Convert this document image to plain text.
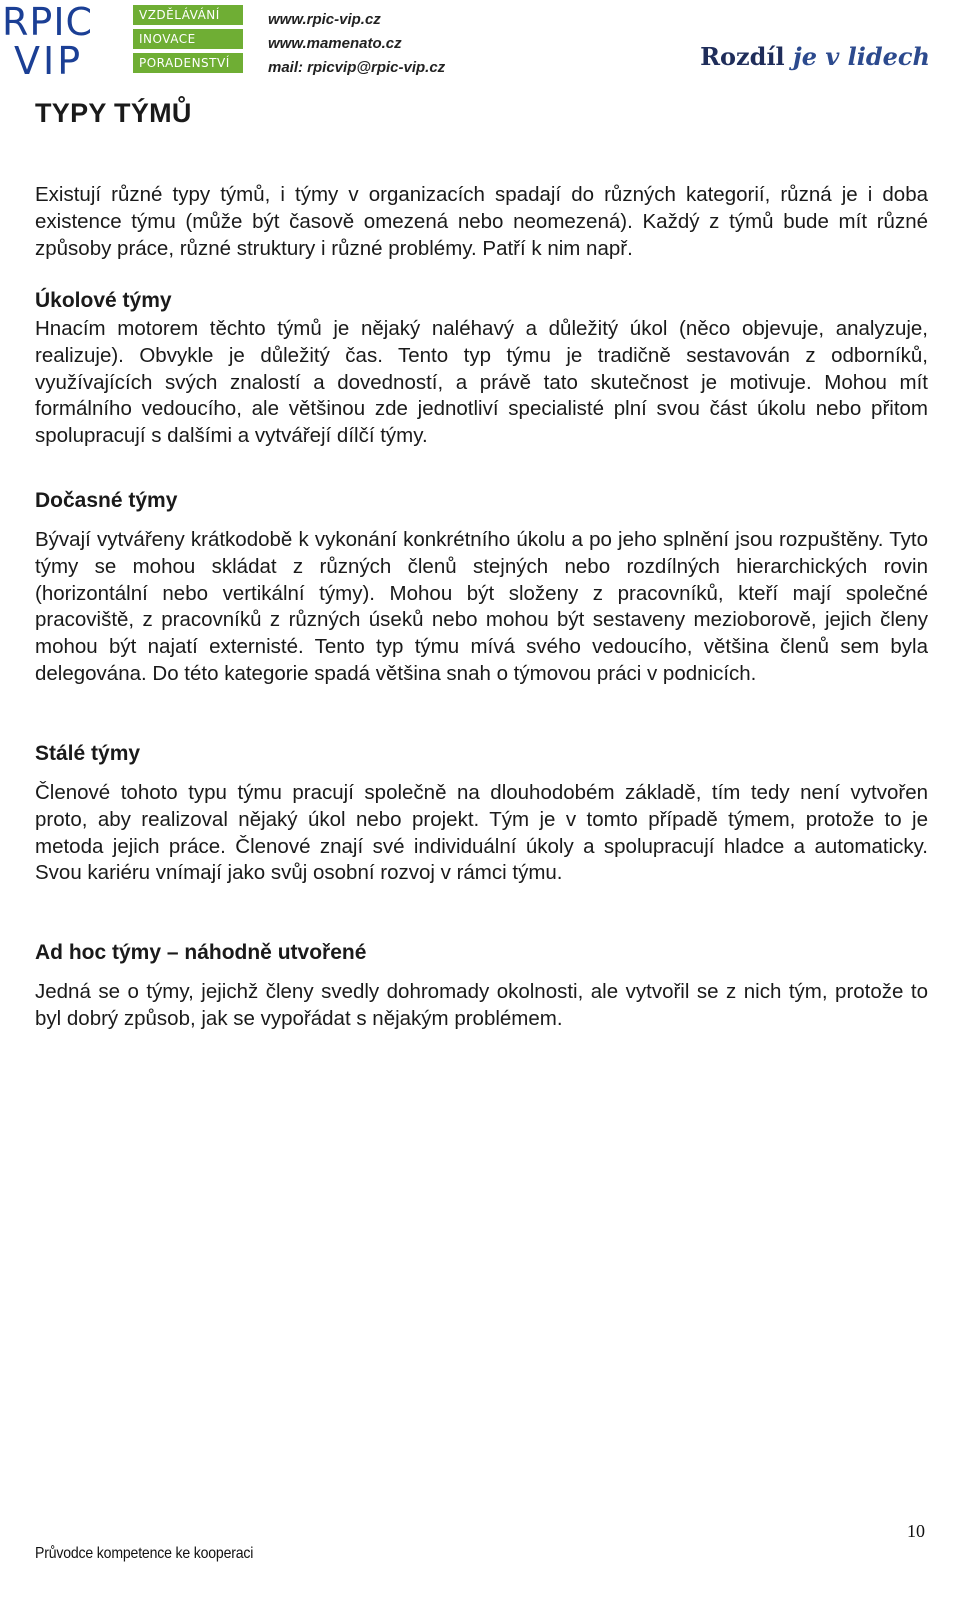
RPIC
VIP
VZDĚLÁVÁNÍ
INOVACE
PORADENSTVÍ
www.rpic-vip.cz
www.mamenato.cz
mail: rpicvip@rpic-vip.cz	Rozdíl je v lidech
TYPY TÝMŮ

Existují různé typy týmů, i týmy v organizacích spadají do různých kategorií, různá je i doba existence týmu (může být časově omezená nebo neomezená). Každý z týmů bude mít různé způsoby práce, různé struktury i různé problémy. Patří k nim např.

Úkolové týmy

Hnacím motorem těchto týmů je nějaký naléhavý a důležitý úkol (něco objevuje, analyzuje, realizuje). Obvykle je důležitý čas. Tento typ týmu je tradičně sestavován z odborníků, využívajících svých znalostí a dovedností, a právě tato skutečnost je motivuje. Mohou mít formálního vedoucího, ale většinou zde jednotliví specialisté plní svou část úkolu nebo přitom spolupracují s dalšími a vytvářejí dílčí týmy.

Dočasné týmy

Bývají vytvářeny krátkodobě k vykonání konkrétního úkolu a po jeho splnění jsou rozpuštěny. Tyto týmy se mohou skládat z různých členů stejných nebo rozdílných hierarchických rovin (horizontální nebo vertikální týmy). Mohou být složeny z pracovníků, kteří mají společné pracoviště, z pracovníků z různých úseků nebo mohou být sestaveny mezioborově, jejich členy mohou být najatí externisté. Tento typ týmu mívá svého vedoucího, většina členů sem byla delegována. Do této kategorie spadá většina snah o týmovou práci v podnicích.

Stálé týmy

Členové tohoto typu týmu pracují společně na dlouhodobém základě, tím tedy není vytvořen proto, aby realizoval nějaký úkol nebo projekt. Tým je v tomto případě týmem, protože to je metoda jejich práce. Členové znají své individuální úkoly a spolupracují hladce a automaticky. Svou kariéru vnímají jako svůj osobní rozvoj v rámci týmu.

Ad hoc týmy – náhodně utvořené

Jedná se o týmy, jejichž členy svedly dohromady okolnosti, ale vytvořil se z nich tým, protože to byl dobrý způsob, jak se vypořádat s nějakým problémem.

10
Průvodce kompetence ke kooperaci
